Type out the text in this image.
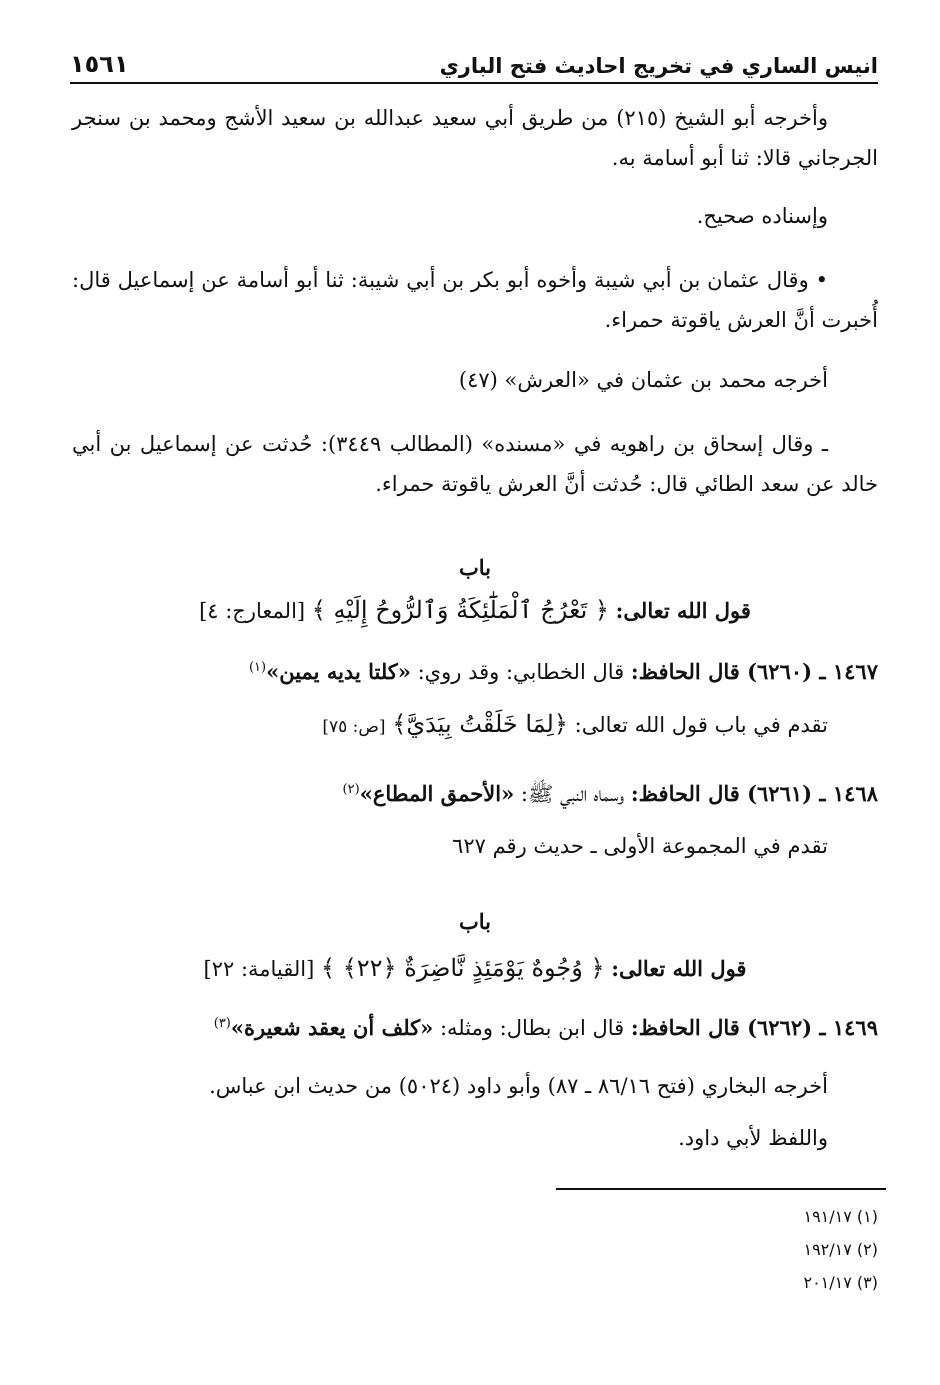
انيس الساري في تخريج احاديث فتح الباري
١٥٦١
وأخرجه أبو الشيخ (٢١٥) من طريق أبي سعيد عبدالله بن سعيد الأشج ومحمد بن سنجر الجرجاني قالا: ثنا أبو أسامة به.
وإسناده صحيح.
• وقال عثمان بن أبي شيبة وأخوه أبو بكر بن أبي شيبة: ثنا أبو أسامة عن إسماعيل قال: أُخبرت أنَّ العرش ياقوتة حمراء.
أخرجه محمد بن عثمان في «العرش» (٤٧)
ـ وقال إسحاق بن راهويه في «مسنده» (المطالب ٣٤٤٩): حُدثت عن إسماعيل بن أبي خالد عن سعد الطائي قال: حُدثت أنَّ العرش ياقوتة حمراء.
باب
قول الله تعالى: ﴿ تَعْرُجُ ٱلْمَلَٰٓئِكَةُ وَٱلرُّوحُ إِلَيْهِ ﴾ [المعارج: ٤]
١٤٦٧ ـ (٦٢٦٠) قال الحافظ: قال الخطابي: وقد روي: «كلتا يديه يمين»$^{(١)}$
تقدم في باب قول الله تعالى: ﴿لِمَا خَلَقْتُ بِيَدَيَّ﴾ [ص: ٧٥]
١٤٦٨ ـ (٦٢٦١) قال الحافظ: وسماه النبي ﷺ: «الأحمق المطاع»$^{(٢)}$
تقدم في المجموعة الأولى ـ حديث رقم ٦٢٧
باب
قول الله تعالى: ﴿ وُجُوهٌ يَوْمَئِذٍ نَّاضِرَةٌ ﴿٢٢﴾ ﴾ [القيامة: ٢٢]
١٤٦٩ ـ (٦٢٦٢) قال الحافظ: قال ابن بطال: ومثله: «كلف أن يعقد شعيرة»$^{(٣)}$
أخرجه البخاري (فتح ٨٦/١٦ ـ ٨٧) وأبو داود (٥٠٢٤) من حديث ابن عباس.
واللفظ لأبي داود.
(١) ١٩١/١٧
(٢) ١٩٢/١٧
(٣) ٢٠١/١٧
